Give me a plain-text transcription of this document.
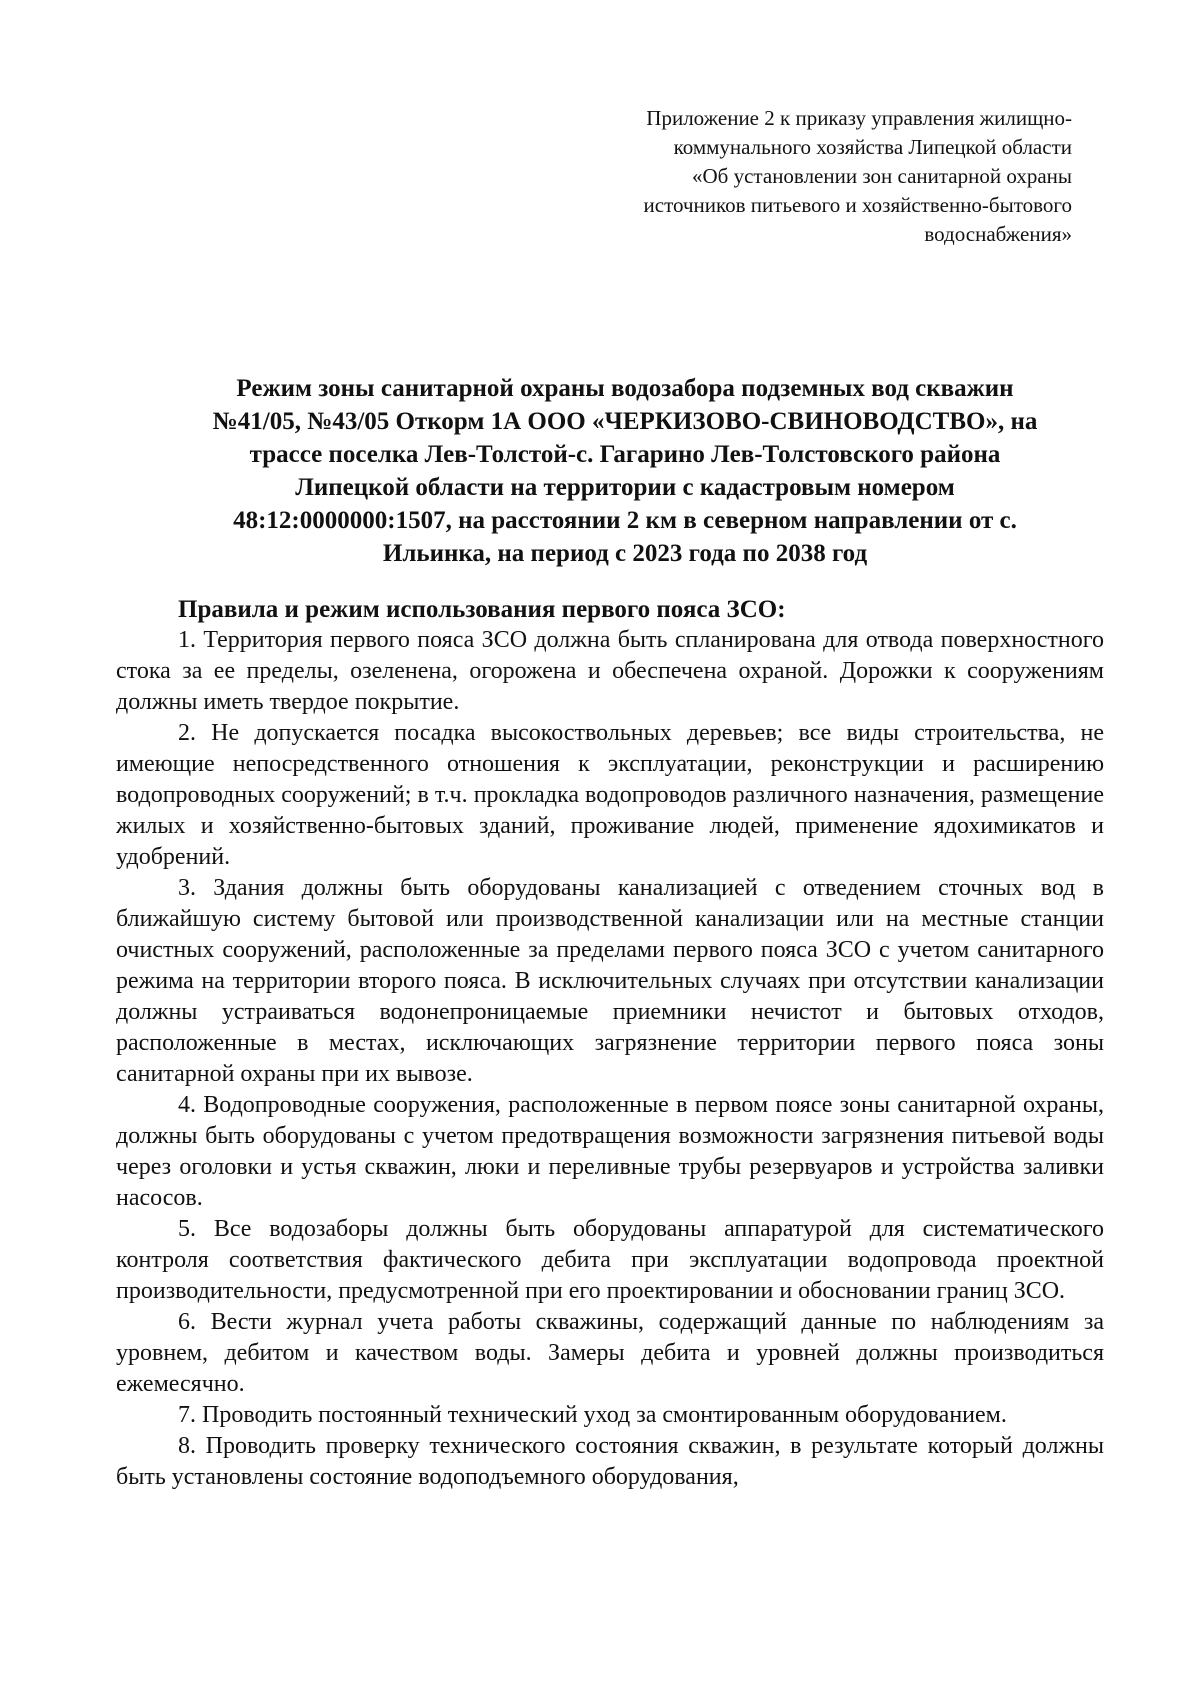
Приложение 2 к приказу управления жилищно-
коммунального хозяйства Липецкой области
«Об установлении зон санитарной охраны
источников питьевого и хозяйственно-бытового
водоснабжения»
Режим зоны санитарной охраны водозабора подземных вод скважин
№41/05, №43/05 Откорм 1А ООО «ЧЕРКИЗОВО-СВИНОВОДСТВО», на
трассе поселка Лев-Толстой-с. Гагарино Лев-Толстовского района
Липецкой области на территории с кадастровым номером
48:12:0000000:1507, на расстоянии 2 км в северном направлении от с.
Ильинка, на период с 2023 года по 2038 год
Правила и режим использования первого пояса ЗСО:

1. Территория первого пояса ЗСО должна быть спланирована для отвода поверхностного стока за ее пределы, озеленена, огорожена и обеспечена охраной. Дорожки к сооружениям должны иметь твердое покрытие.

2. Не допускается посадка высокоствольных деревьев; все виды строительства, не имеющие непосредственного отношения к эксплуатации, реконструкции и расширению водопроводных сооружений; в т.ч. прокладка водопроводов различного назначения, размещение жилых и хозяйственно-бытовых зданий, проживание людей, применение ядохимикатов и удобрений.

3. Здания должны быть оборудованы канализацией с отведением сточных вод в ближайшую систему бытовой или производственной канализации или на местные станции очистных сооружений, расположенные за пределами первого пояса ЗСО с учетом санитарного режима на территории второго пояса. В исключительных случаях при отсутствии канализации должны устраиваться водонепроницаемые приемники нечистот и бытовых отходов, расположенные в местах, исключающих загрязнение территории первого пояса зоны санитарной охраны при их вывозе.

4. Водопроводные сооружения, расположенные в первом поясе зоны санитарной охраны, должны быть оборудованы с учетом предотвращения возможности загрязнения питьевой воды через оголовки и устья скважин, люки и переливные трубы резервуаров и устройства заливки насосов.

5. Все водозаборы должны быть оборудованы аппаратурой для систематического контроля соответствия фактического дебита при эксплуатации водопровода проектной производительности, предусмотренной при его проектировании и обосновании границ ЗСО.

6. Вести журнал учета работы скважины, содержащий данные по наблюдениям за уровнем, дебитом и качеством воды. Замеры дебита и уровней должны производиться ежемесячно.

7. Проводить постоянный технический уход за смонтированным оборудованием.

8. Проводить проверку технического состояния скважин, в результате который должны быть установлены состояние водоподъемного оборудования,
